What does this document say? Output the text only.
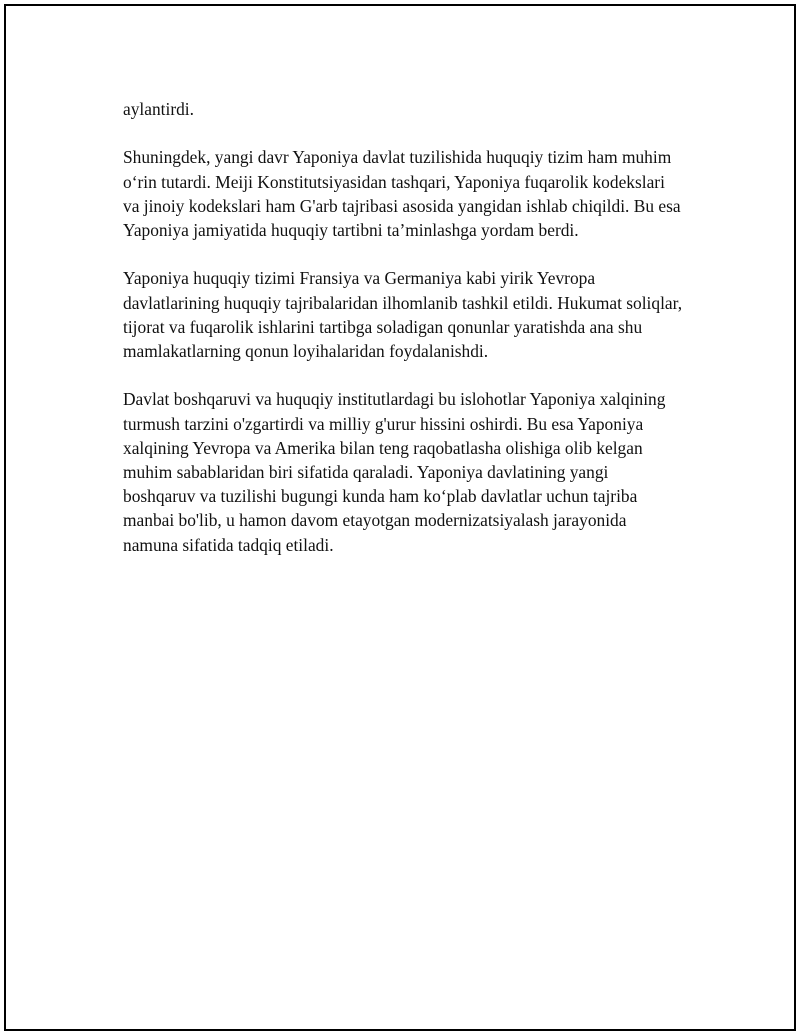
aylantirdi.

Shuningdek, yangi davr Yaponiya davlat tuzilishida huquqiy tizim ham muhim o‘rin tutardi. Meiji Konstitutsiyasidan tashqari, Yaponiya fuqarolik kodekslari va jinoiy kodekslari ham G'arb tajribasi asosida yangidan ishlab chiqildi. Bu esa Yaponiya jamiyatida huquqiy tartibni ta’minlashga yordam berdi.

Yaponiya huquqiy tizimi Fransiya va Germaniya kabi yirik Yevropa davlatlarining huquqiy tajribalaridan ilhomlanib tashkil etildi. Hukumat soliqlar, tijorat va fuqarolik ishlarini tartibga soladigan qonunlar yaratishda ana shu mamlakatlarning qonun loyihalaridan foydalanishdi.

Davlat boshqaruvi va huquqiy institutlardagi bu islohotlar Yaponiya xalqining turmush tarzini o'zgartirdi va milliy g'urur hissini oshirdi. Bu esa Yaponiya xalqining Yevropa va Amerika bilan teng raqobatlasha olishiga olib kelgan muhim sabablaridan biri sifatida qaraladi. Yaponiya davlatining yangi boshqaruv va tuzilishi bugungi kunda ham ko‘plab davlatlar uchun tajriba manbai bo'lib, u hamon davom etayotgan modernizatsiyalash jarayonida namuna sifatida tadqiq etiladi.
